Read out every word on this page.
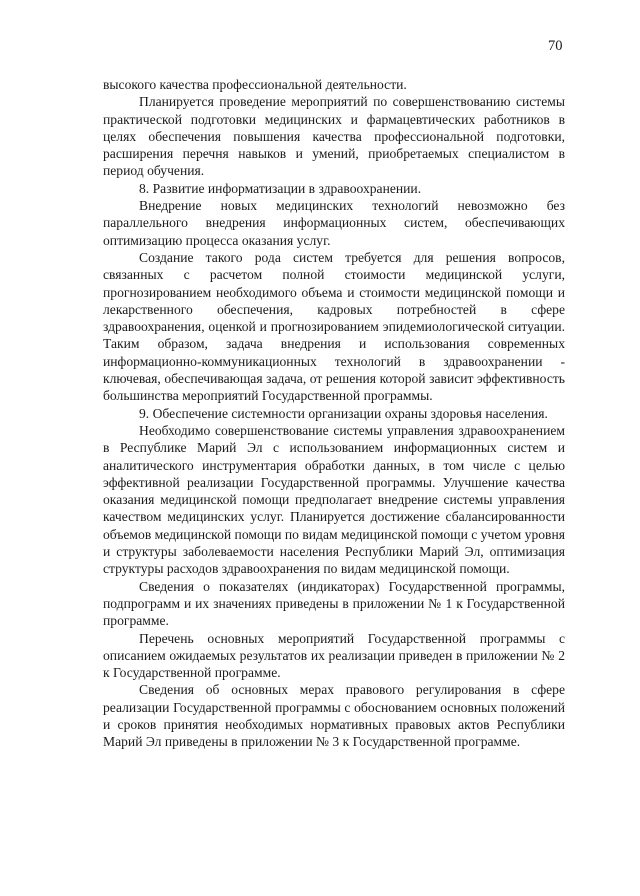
70

высокого качества профессиональной деятельности.

Планируется проведение мероприятий по совершенствованию системы практической подготовки медицинских и фармацевтических работников в целях обеспечения повышения качества профессиональной подготовки, расширения перечня навыков и умений, приобретаемых специалистом в период обучения.

8. Развитие информатизации в здравоохранении.

Внедрение новых медицинских технологий невозможно без параллельного внедрения информационных систем, обеспечивающих оптимизацию процесса оказания услуг.

Создание такого рода систем требуется для решения вопросов, связанных с расчетом полной стоимости медицинской услуги, прогнозированием необходимого объема и стоимости медицинской помощи и лекарственного обеспечения, кадровых потребностей в сфере здравоохранения, оценкой и прогнозированием эпидемиологической ситуации. Таким образом, задача внедрения и использования современных информационно-коммуникационных технологий в здравоохранении - ключевая, обеспечивающая задача, от решения которой зависит эффективность большинства мероприятий Государственной программы.

9. Обеспечение системности организации охраны здоровья населения.

Необходимо совершенствование системы управления здравоохранением в Республике Марий Эл с использованием информационных систем и аналитического инструментария обработки данных, в том числе с целью эффективной реализации Государственной программы. Улучшение качества оказания медицинской помощи предполагает внедрение системы управления качеством медицинских услуг. Планируется достижение сбалансированности объемов медицинской помощи по видам медицинской помощи с учетом уровня и структуры заболеваемости населения Республики Марий Эл, оптимизация структуры расходов здравоохранения по видам медицинской помощи.

Сведения о показателях (индикаторах) Государственной программы, подпрограмм и их значениях приведены в приложении № 1 к Государственной программе.

Перечень основных мероприятий Государственной программы с описанием ожидаемых результатов их реализации приведен в приложении № 2 к Государственной программе.

Сведения об основных мерах правового регулирования в сфере реализации Государственной программы с обоснованием основных положений и сроков принятия необходимых нормативных правовых актов Республики Марий Эл приведены в приложении № 3 к Государственной программе.
